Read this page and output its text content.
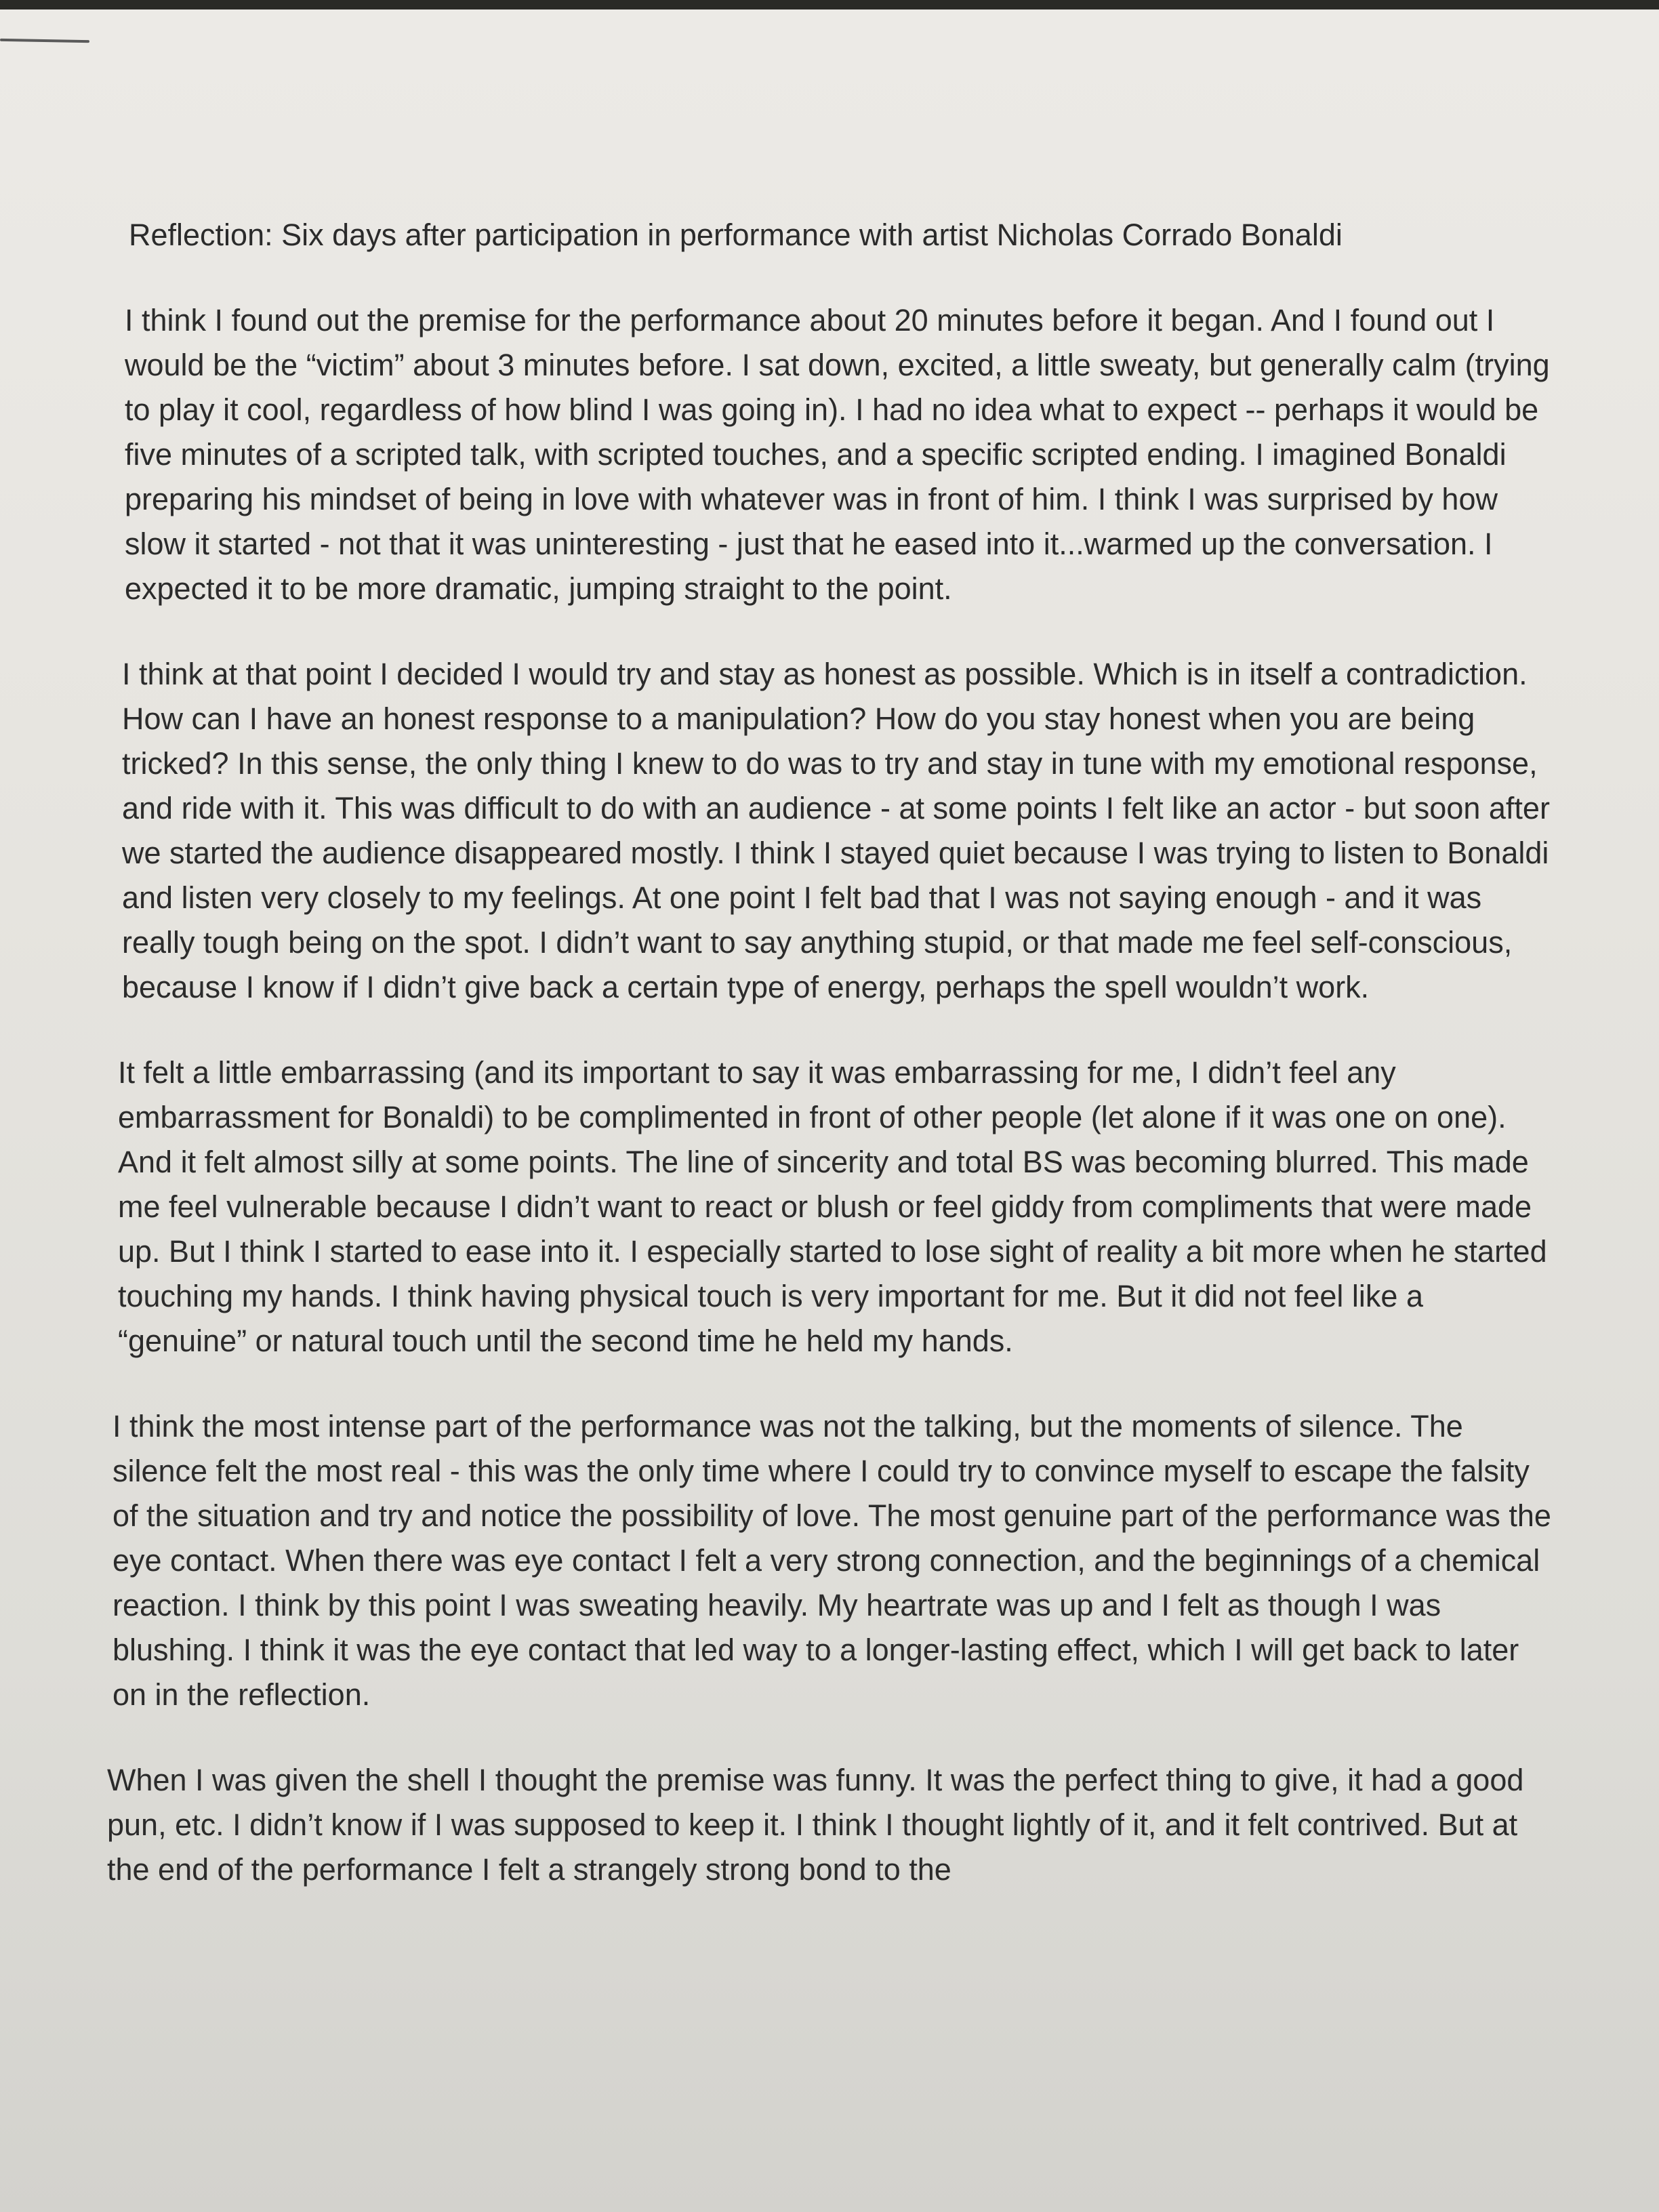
Reflection: Six days after participation in performance with artist Nicholas Corrado Bonaldi

I think I found out the premise for the performance about 20 minutes before it began. And I found out I would be the “victim” about 3 minutes before. I sat down, excited, a little sweaty, but generally calm (trying to play it cool, regardless of how blind I was going in). I had no idea what to expect -- perhaps it would be five minutes of a scripted talk, with scripted touches, and a specific scripted ending. I imagined Bonaldi preparing his mindset of being in love with whatever was in front of him. I think I was surprised by how slow it started - not that it was uninteresting - just that he eased into it...warmed up the conversation. I expected it to be more dramatic, jumping straight to the point.

I think at that point I decided I would try and stay as honest as possible. Which is in itself a contradiction. How can I have an honest response to a manipulation? How do you stay honest when you are being tricked? In this sense, the only thing I knew to do was to try and stay in tune with my emotional response, and ride with it. This was difficult to do with an audience - at some points I felt like an actor - but soon after we started the audience disappeared mostly. I think I stayed quiet because I was trying to listen to Bonaldi and listen very closely to my feelings. At one point I felt bad that I was not saying enough - and it was really tough being on the spot. I didn’t want to say anything stupid, or that made me feel self-conscious, because I know if I didn’t give back a certain type of energy, perhaps the spell wouldn’t work.

It felt a little embarrassing (and its important to say it was embarrassing for me, I didn’t feel any embarrassment for Bonaldi) to be complimented in front of other people (let alone if it was one on one). And it felt almost silly at some points. The line of sincerity and total BS was becoming blurred. This made me feel vulnerable because I didn’t want to react or blush or feel giddy from compliments that were made up. But I think I started to ease into it. I especially started to lose sight of reality a bit more when he started touching my hands. I think having physical touch is very important for me. But it did not feel like a “genuine” or natural touch until the second time he held my hands.

I think the most intense part of the performance was not the talking, but the moments of silence. The silence felt the most real - this was the only time where I could try to convince myself to escape the falsity of the situation and try and notice the possibility of love. The most genuine part of the performance was the eye contact. When there was eye contact I felt a very strong connection, and the beginnings of a chemical reaction. I think by this point I was sweating heavily. My heartrate was up and I felt as though I was blushing. I think it was the eye contact that led way to a longer-lasting effect, which I will get back to later on in the reflection.

When I was given the shell I thought the premise was funny. It was the perfect thing to give, it had a good pun, etc. I didn’t know if I was supposed to keep it. I think I thought lightly of it, and it felt contrived. But at the end of the performance I felt a strangely strong bond to the
